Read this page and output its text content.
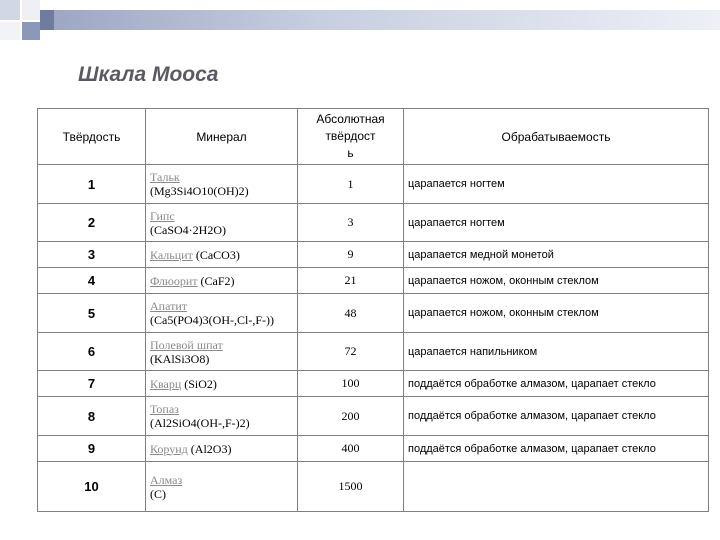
Шкала Мооса
Твёрдость	Минерал	Абсолютная
твёрдост
ь	Обрабатываемость
1	Тальк
(Mg3Si4O10(OH)2)	1	царапается ногтем
2	Гипс
(CaSO4·2H2O)	3	царапается ногтем
3	Кальцит (CaCO3)	9	царапается медной монетой
4	Флюорит (CaF2)	21	царапается ножом, оконным стеклом
5	Апатит
(Ca5(PO4)3(OH-,Cl-,F-))	48	царапается ножом, оконным стеклом
6	Полевой шпат
(KAlSi3O8)	72	царапается напильником
7	Кварц (SiO2)	100	поддаётся обработке алмазом, царапает стекло
8	Топаз
(Al2SiO4(OH-,F-)2)	200	поддаётся обработке алмазом, царапает стекло
9	Корунд (Al2O3)	400	поддаётся обработке алмазом, царапает стекло
10	Алмаз
(C)	1500	
